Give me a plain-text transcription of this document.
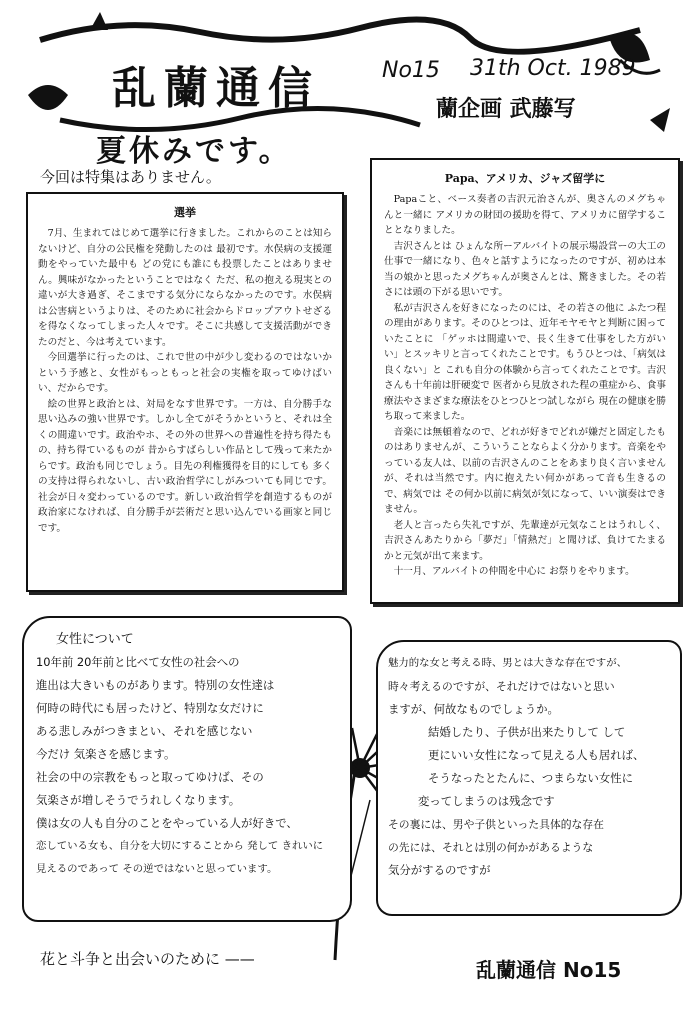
乱蘭通信	No15 31th Oct. 1989
蘭企画 武藤写
夏休みです。
今回は特集はありません。
選挙

7月、生まれてはじめて選挙に行きました。これからのことは知らないけど、自分の公民権を発動したのは 最初です。水俣病の支援運動をやっていた最中も どの党にも誰にも投票したことはありません。興味がなかったということではなく ただ、私の抱える現実との違いが大き過ぎ、そこまでする気分にならなかったのです。水俣病は公害病というよりは、そのために社会からドロップアウトせざるを得なくなってしまった人々です。そこに共感して支援活動ができたのだと、今は考えています。

今回選挙に行ったのは、これで世の中が少し変わるのではないかという予感と、女性がもっともっと社会の実権を取ってゆけばいい、だからです。

絵の世界と政治とは、対局をなす世界です。一方は、自分勝手な思い込みの強い世界です。しかし全てがそうかというと、それは全くの間違いです。政治やホ、その外の世界への普遍性を持ち得たもの、持ち得ているものが 昔からすばらしい作品として残って来たからです。政治も同じでしょう。目先の利権獲得を目的にしても 多くの支持は得られないし、古い政治哲学にしがみついても同じです。社会が日々変わっているのです。新しい政治哲学を創造するものが 政治家になければ、自分勝手が芸術だと思い込んでいる画家と同じです。

Papa、アメリカ、ジャズ留学に

Papaこと、ベース奏者の吉沢元治さんが、奥さんのメグちゃんと一緒に アメリカの財団の援助を得て、アメリカに留学することとなりました。

吉沢さんとは ひょんな所ーアルバイトの展示場設営ーの大工の仕事で一緒になり、色々と話すようになったのですが、初めは本当の娘かと思ったメグちゃんが奥さんとは、驚きました。その若さには頭の下がる思いです。

私が吉沢さんを好きになったのには、その若さの他に ふたつ程の理由があります。そのひとつは、近年モヤモヤと判断に困っていたことに 「ゲッホは間違いで、長く生きて仕事をした方がいい」とスッキリと言ってくれたことです。もうひとつは、「病気は良くない」と これも自分の体験から言ってくれたことです。吉沢さんも十年前は肝硬変で 医者から見放された程の重症から、食事療法やさまざまな療法をひとつひとつ試しながら 現在の健康を勝ち取って来ました。

音楽には無頓着なので、どれが好きでどれが嫌だと固定したものはありませんが、こういうことならよく分かります。音楽をやっている友人は、以前の吉沢さんのことをあまり良く言いませんが、それは当然です。内に抱えたい何かがあって音も生きるので、病気では その何か以前に病気が気になって、いい演奏はできません。

老人と言ったら失礼ですが、先輩達が元気なことはうれしく、吉沢さんあたりから「夢だ」「情熱だ」と聞けば、負けてたまるかと元気が出て来ます。

十一月、アルバイトの仲間を中心に お祭りをやります。

女性について

10年前 20年前と比べて女性の社会への

進出は大きいものがあります。特別の女性達は

何時の時代にも居ったけど、特別な女だけに

ある悲しみがつきまとい、それを感じない

今だけ 気楽さを感じます。

社会の中の宗教をもっと取ってゆけば、その

気楽さが増しそうでうれしくなります。

僕は女の人も自分のことをやっている人が好きで、

恋している女も、自分を大切にすることから 発して きれいに

見えるのであって その逆ではないと思っています。

魅力的な女と考える時、男とは大きな存在ですが、

時々考えるのですが、それだけではないと思い

ますが、何故なものでしょうか。

結婚したり、子供が出来たりして して

更にいい女性になって見える人も居れば、

そうなったとたんに、つまらない女性に

変ってしまうのは残念です

その裏には、男や子供といった具体的な存在

の先には、それとは別の何かがあるような

気分がするのですが

花と斗争と出会いのために ——	乱蘭通信 No15
